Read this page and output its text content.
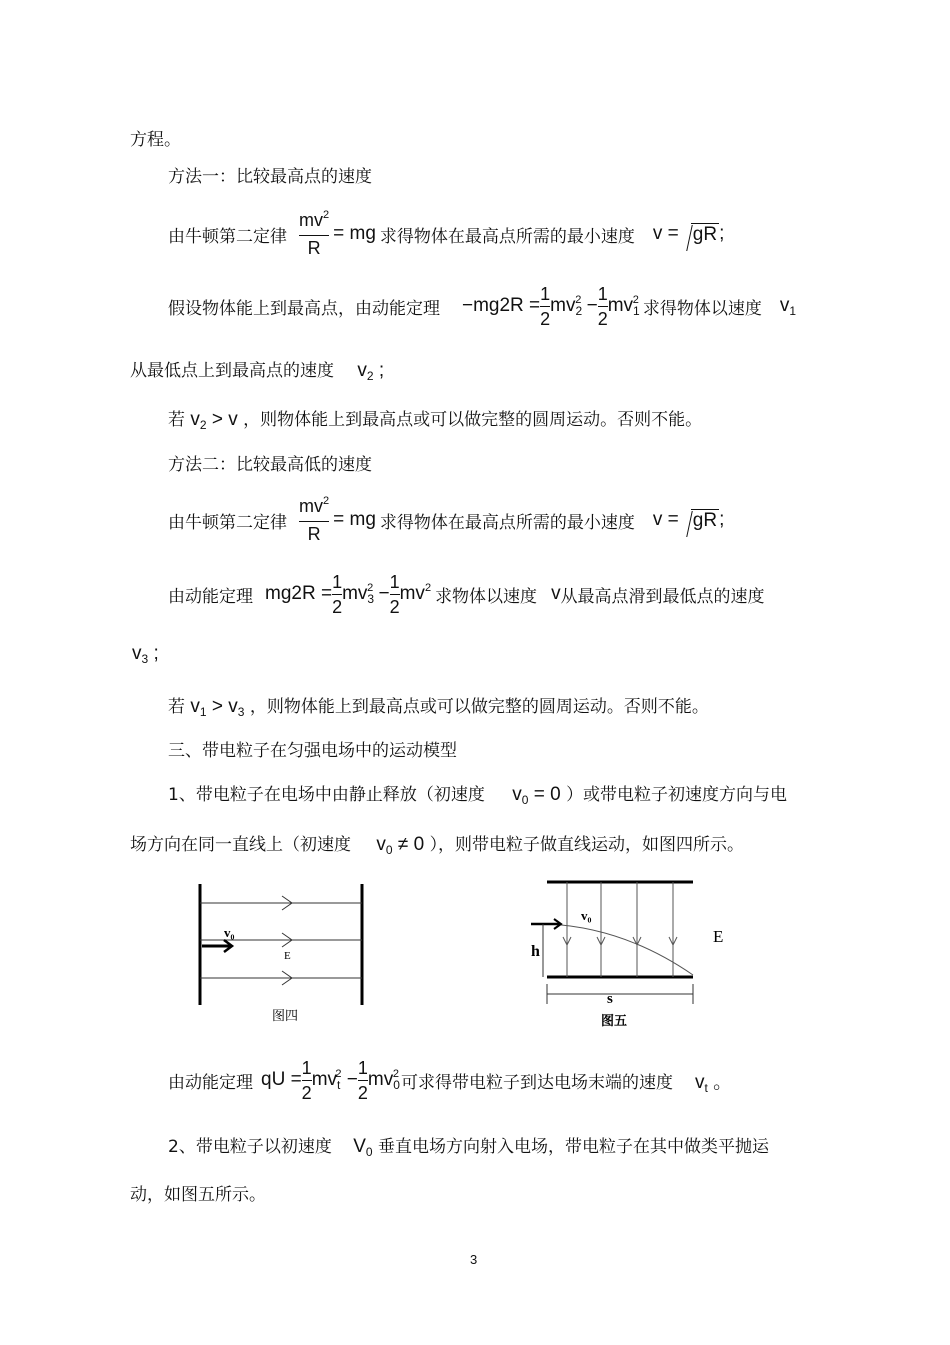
方程。
方法一：比较最高点的速度
由牛顿第二定律 $\frac{mv^2}{R}$ = mg 求得物体在最高点所需的最小速度 v = gR ;
假设物体能上到最高点，由动能定理 $-mg2R = \frac{1}{2} mv_2^2 - \frac{1}{2} mv_1^2$ 求得物体以速度 $v_1$
从最低点上到最高点的速度 $v_2$ ;
若 $v_2 > v$ ，则物体能上到最高点或可以做完整的圆周运动。否则不能。
方法二：比较最高低的速度
由牛顿第二定律 $\frac{mv^2}{R}$ = mg 求得物体在最高点所需的最小速度 v = gR ;
由动能定理 $mg2R = \frac{1}{2} mv_3^2 - \frac{1}{2} mv^2$ 求物体以速度 v 从最高点滑到最低点的速度
$v_3$ ;
若 $v_1 > v_3$ ，则物体能上到最高点或可以做完整的圆周运动。否则不能。
三、带电粒子在匀强电场中的运动模型
1、带电粒子在电场中由静止释放（初速度 $v_0 = 0$ ）或带电粒子初速度方向与电
场方向在同一直线上（初速度 $v_0 \ne 0$ ），则带电粒子做直线运动，如图四所示。
v₀
E
图四
v₀
h
s
E
图五
由动能定理 qU = $\frac{1}{2} mv_t^2 - \frac{1}{2} mv_0^2$ 可求得带电粒子到达电场末端的速度 $v_t$ 。
2、带电粒子以初速度 $V_0$ 垂直电场方向射入电场，带电粒子在其中做类平抛运
动，如图五所示。
3
